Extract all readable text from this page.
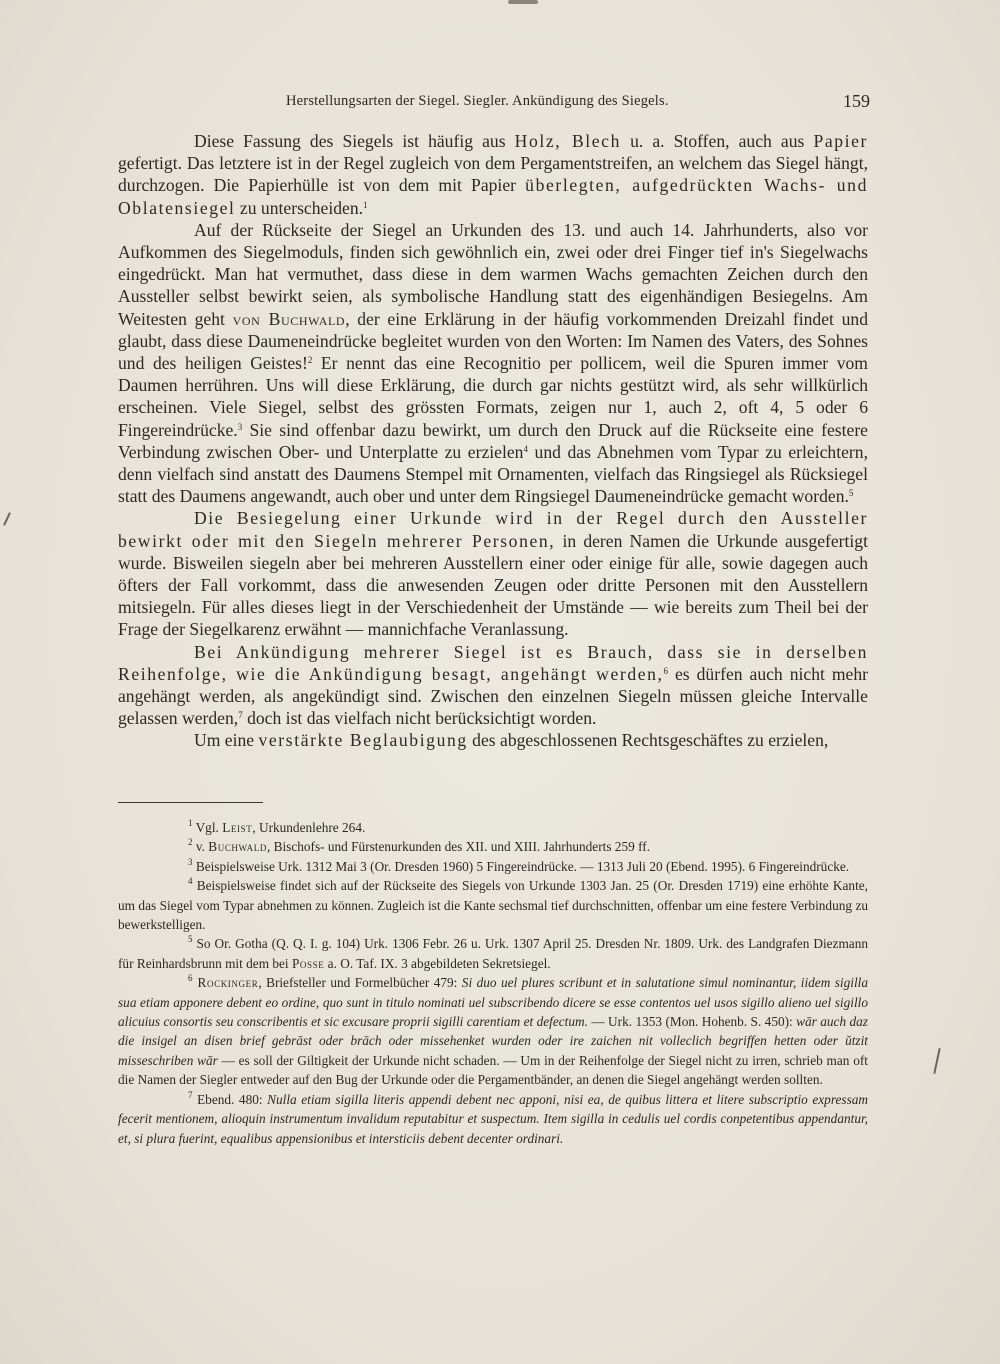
Herstellungsarten der Siegel. Siegler. Ankündigung des Siegels.	159

Diese Fassung des Siegels ist häufig aus Holz, Blech u. a. Stoffen, auch aus Papier gefertigt. Das letztere ist in der Regel zugleich von dem Pergamentstreifen, an welchem das Siegel hängt, durchzogen. Die Papierhülle ist von dem mit Papier überlegten, aufgedrückten Wachs- und Oblatensiegel zu unterscheiden.$^1$

Auf der Rückseite der Siegel an Urkunden des 13. und auch 14. Jahrhunderts, also vor Aufkommen des Siegelmoduls, finden sich gewöhnlich ein, zwei oder drei Finger tief in's Siegelwachs eingedrückt. Man hat vermuthet, dass diese in dem warmen Wachs gemachten Zeichen durch den Aussteller selbst bewirkt seien, als symbolische Handlung statt des eigenhändigen Besiegelns. Am Weitesten geht von Buchwald, der eine Erklärung in der häufig vorkommenden Dreizahl findet und glaubt, dass diese Daumeneindrücke begleitet wurden von den Worten: Im Namen des Vaters, des Sohnes und des heiligen Geistes!$^2$ Er nennt das eine Recognitio per pollicem, weil die Spuren immer vom Daumen herrühren. Uns will diese Erklärung, die durch gar nichts gestützt wird, als sehr willkürlich erscheinen. Viele Siegel, selbst des grössten Formats, zeigen nur 1, auch 2, oft 4, 5 oder 6 Fingereindrücke.$^3$ Sie sind offenbar dazu bewirkt, um durch den Druck auf die Rückseite eine festere Verbindung zwischen Ober- und Unterplatte zu erzielen$^4$ und das Abnehmen vom Typar zu erleichtern, denn vielfach sind anstatt des Daumens Stempel mit Ornamenten, vielfach das Ringsiegel als Rücksiegel statt des Daumens angewandt, auch ober und unter dem Ringsiegel Daumeneindrücke gemacht worden.$^5$

Die Besiegelung einer Urkunde wird in der Regel durch den Aussteller bewirkt oder mit den Siegeln mehrerer Personen, in deren Namen die Urkunde ausgefertigt wurde. Bisweilen siegeln aber bei mehreren Ausstellern einer oder einige für alle, sowie dagegen auch öfters der Fall vorkommt, dass die anwesenden Zeugen oder dritte Personen mit den Ausstellern mitsiegeln. Für alles dieses liegt in der Verschiedenheit der Umstände — wie bereits zum Theil bei der Frage der Siegelkarenz erwähnt — mannichfache Veranlassung.

Bei Ankündigung mehrerer Siegel ist es Brauch, dass sie in derselben Reihenfolge, wie die Ankündigung besagt, angehängt werden,$^6$ es dürfen auch nicht mehr angehängt werden, als angekündigt sind. Zwischen den einzelnen Siegeln müssen gleiche Intervalle gelassen werden,$^7$ doch ist das vielfach nicht berücksichtigt worden.

Um eine verstärkte Beglaubigung des abgeschlossenen Rechtsgeschäftes zu erzielen,

$^1$ Vgl. Leist, Urkundenlehre 264.

$^2$ v. Buchwald, Bischofs- und Fürstenurkunden des XII. und XIII. Jahrhunderts 259 ff.

$^3$ Beispielsweise Urk. 1312 Mai 3 (Or. Dresden 1960) 5 Fingereindrücke. — 1313 Juli 20 (Ebend. 1995). 6 Fingereindrücke.

$^4$ Beispielsweise findet sich auf der Rückseite des Siegels von Urkunde 1303 Jan. 25 (Or. Dresden 1719) eine erhöhte Kante, um das Siegel vom Typar abnehmen zu können. Zugleich ist die Kante sechsmal tief durchschnitten, offenbar um eine festere Verbindung zu bewerkstelligen.

$^5$ So Or. Gotha (Q. Q. I. g. 104) Urk. 1306 Febr. 26 u. Urk. 1307 April 25. Dresden Nr. 1809. Urk. des Landgrafen Diezmann für Reinhardsbrunn mit dem bei Posse a. O. Taf. IX. 3 abgebildeten Sekretsiegel.

$^6$ Rockinger, Briefsteller und Formelbücher 479: Si duo uel plures scribunt et in salutatione simul nominantur, iidem sigilla sua etiam apponere debent eo ordine, quo sunt in titulo nominati uel subscribendo dicere se esse contentos uel usos sigillo alieno uel sigillo alicuius consortis seu conscribentis et sic excusare proprii sigilli carentiam et defectum. — Urk. 1353 (Mon. Hohenb. S. 450): wār auch daz die insigel an disen brief gebrāst oder brāch oder missehenket wurden oder ire zaichen nit volleclich begriffen hetten oder ŭtzit misseschriben wār — es soll der Giltigkeit der Urkunde nicht schaden. — Um in der Reihenfolge der Siegel nicht zu irren, schrieb man oft die Namen der Siegler entweder auf den Bug der Urkunde oder die Pergamentbänder, an denen die Siegel angehängt werden sollten.

$^7$ Ebend. 480: Nulla etiam sigilla literis appendi debent nec apponi, nisi ea, de quibus littera et litere subscriptio expressam fecerit mentionem, alioquin instrumentum invalidum reputabitur et suspectum. Item sigilla in cedulis uel cordis conpetentibus appendantur, et, si plura fuerint, equalibus appensionibus et intersticiis debent decenter ordinari.
